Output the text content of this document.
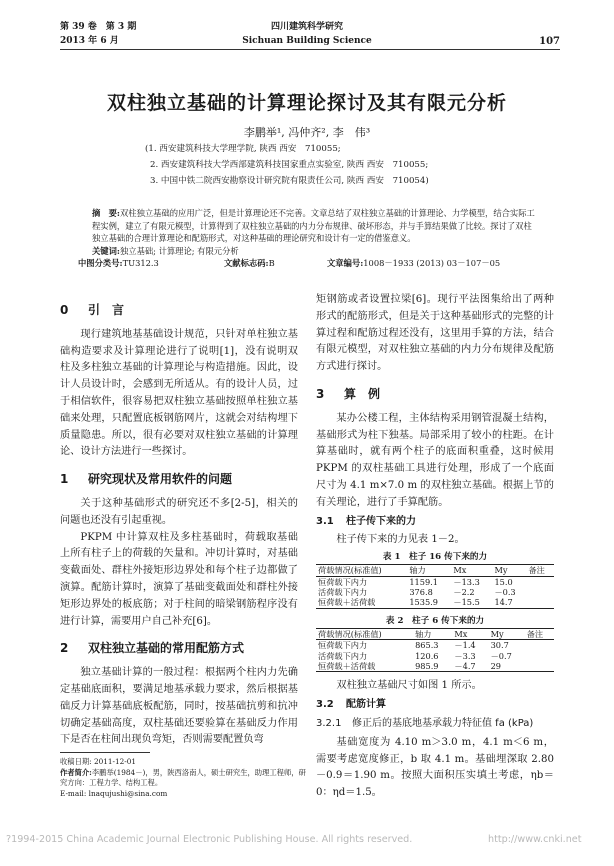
第 39 卷　第 3 期
2013 年 6 月
四川建筑科学研究
Sichuan Building Science	107
双柱独立基础的计算理论探讨及其有限元分析
李鹏举¹, 冯仲齐², 李　伟³
(1. 西安建筑科技大学理学院, 陕西 西安　710055;
2. 西安建筑科技大学西部建筑科技国家重点实验室, 陕西 西安　710055;
3. 中国中铁二院西安勘察设计研究院有限责任公司, 陕西 西安　710054)

摘　要:双柱独立基础的应用广泛，但是计算理论还不完善。文章总结了双柱独立基础的计算理论、力学模型，结合实际工程实例，建立了有限元模型，计算得到了双柱独立基础的内力分布规律、破坏形态，并与手算结果做了比较。探讨了双柱独立基础的合理计算理论和配筋形式，对这种基础的理论研究和设计有一定的借鉴意义。

关键词:独立基础; 计算理论; 有限元分析

中图分类号:TU312.3	文献标志码:B	文章编号:1008－1933 (2013) 03－107－05
0 引　言

现行建筑地基基础设计规范，只针对单柱独立基础构造要求及计算理论进行了说明[1]，没有说明双柱及多柱独立基础的计算理论与构造措施。因此，设计人员设计时，会感到无所适从。有的设计人员，过于相信软件，很容易把双柱独立基础按照单柱独立基础来处理，只配置底板钢筋网片，这就会对结构埋下质量隐患。所以，很有必要对双柱独立基础的计算理论、设计方法进行一些探讨。

1 研究现状及常用软件的问题

关于这种基础形式的研究还不多[2-5]，相关的问题也还没有引起重视。

PKPM 中计算双柱及多柱基础时，荷载取基础上所有柱子上的荷载的矢量和。冲切计算时，对基础变截面处、群柱外接矩形边界处和每个柱子边都做了演算。配筋计算时，演算了基础变截面处和群柱外接矩形边界处的板底筋；对于柱间的暗梁钢筋程序没有进行计算，需要用户自己补充[6]。

2 双柱独立基础的常用配筋方式

独立基础计算的一般过程：根据两个柱内力先确定基础底面积，要满足地基承载力要求，然后根据基础反力计算基础底板配筋，同时，按基础抗剪和抗冲切确定基础高度，双柱基础还要验算在基础反力作用下是否在柱间出现负弯矩，否则需要配置负弯

收稿日期: 2011-12-01

作者简介:李鹏举(1984－)，男，陕西洛南人，硕士研究生，助理工程师，研究方向：工程力学、结构工程。

E-mail: lnaqujushi@sina.com

矩钢筋或者设置拉梁[6]。现行平法图集给出了两种形式的配筋形式，但是关于这种基础形式的完整的计算过程和配筋过程还没有，这里用手算的方法，结合有限元模型，对双柱独立基础的内力分布规律及配筋方式进行探讨。

3 算　例

某办公楼工程，主体结构采用钢管混凝土结构，基础形式为柱下独基。局部采用了较小的柱距。在计算基础时，就有两个柱子的底面积重叠，这时候用 PKPM 的双柱基础工具进行处理，形成了一个底面尺寸为 4.1 m×7.0 m 的双柱独立基础。根据上节的有关理论，进行了手算配筋。

3.1 柱子传下来的力

柱子传下来的力见表 1－2。

表 1　柱子 16 传下来的力
荷载情况(标准值)	轴力	Mx	My	备注
恒荷载下内力	1159.1	－13.3	15.0	
活荷载下内力	376.8	－2.2	－0.3	
恒荷载＋活荷载	1535.9	－15.5	14.7	
表 2　柱子 6 传下来的力
荷载情况(标准值)	轴力	Mx	My	备注
恒荷载下内力	865.3	－1.4	30.7	
活荷载下内力	120.6	－3.3	－0.7	
恒荷载＋活荷载	985.9	－4.7	29	

双柱独立基础尺寸如图 1 所示。

3.2 配筋计算
3.2.1 修正后的基底地基承载力特征值 fa (kPa)

基础宽度为 4.10 m＞3.0 m，4.1 m＜6 m，需要考虑宽度修正，b 取 4.1 m。基础埋深取 2.80－0.9＝1.90 m。按照大面积压实填土考虑，ηb＝0：ηd＝1.5。

?1994-2015 China Academic Journal Electronic Publishing House. All rights reserved.	http://www.cnki.net
